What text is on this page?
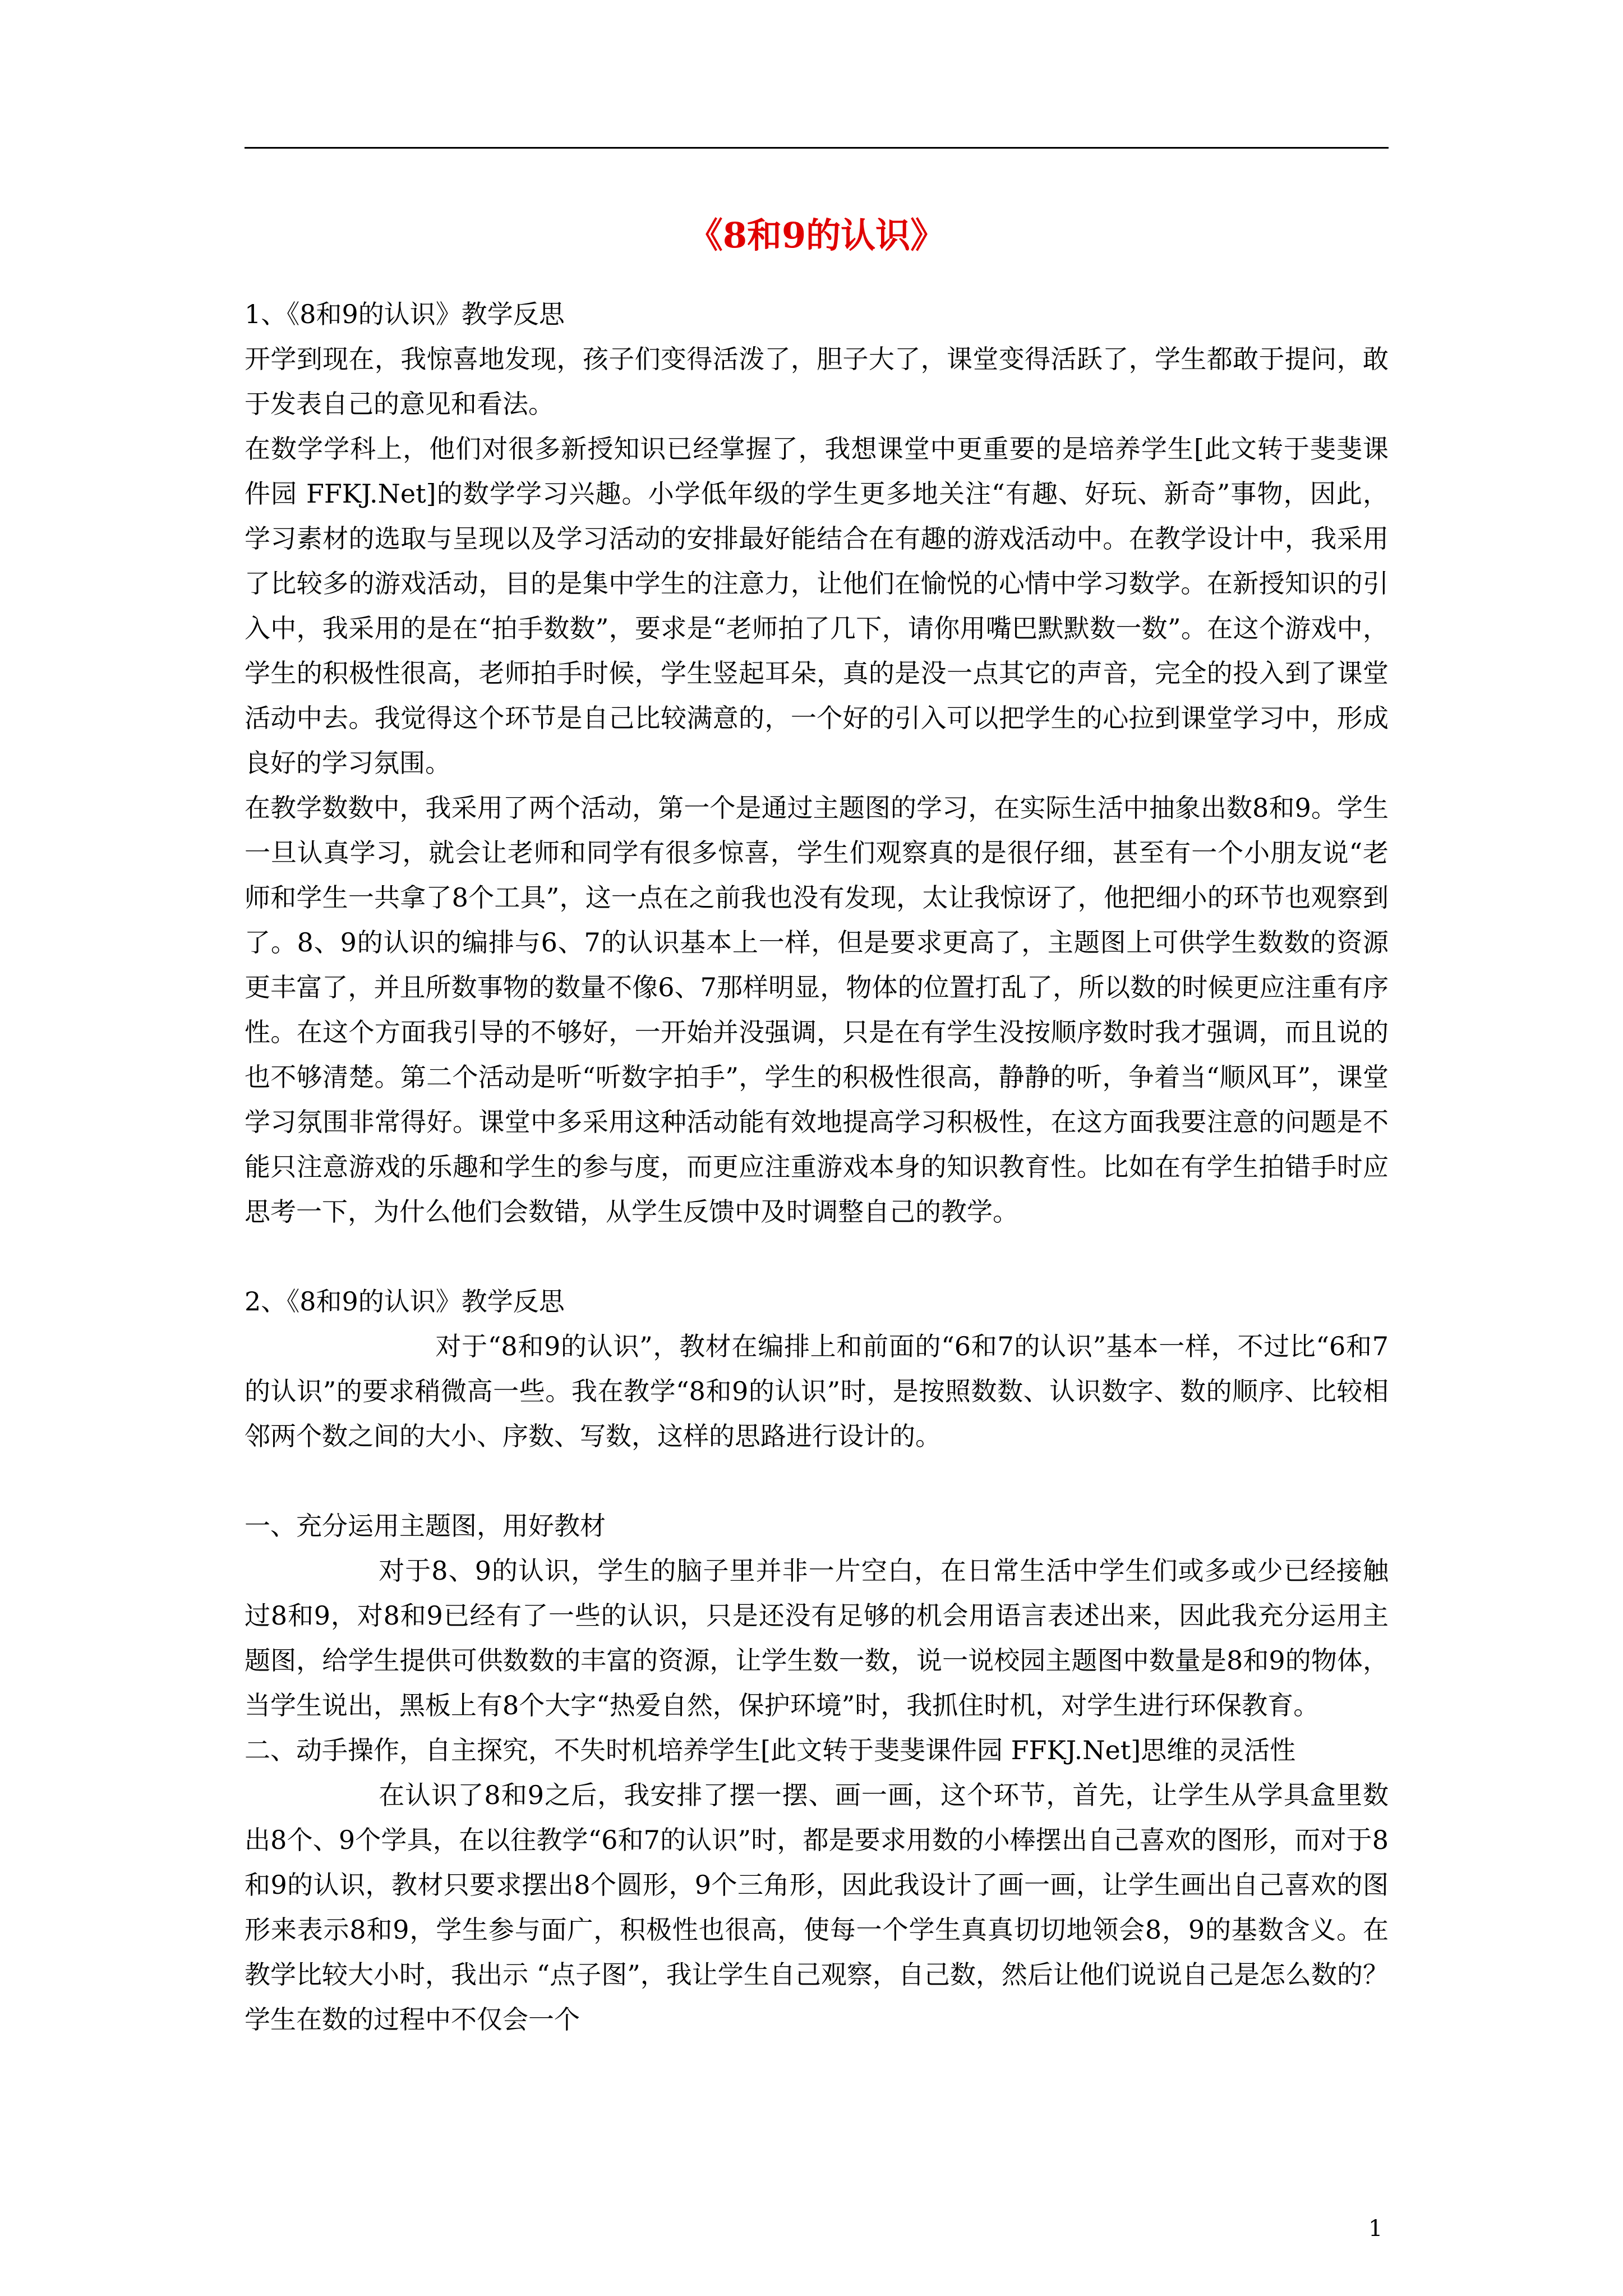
《8和9的认识》

1、《8和9的认识》教学反思

开学到现在，我惊喜地发现，孩子们变得活泼了，胆子大了，课堂变得活跃了，学生都敢于提问，敢于发表自己的意见和看法。

在数学学科上，他们对很多新授知识已经掌握了，我想课堂中更重要的是培养学生[此文转于斐斐课件园 FFKJ.Net]的数学学习兴趣。小学低年级的学生更多地关注“有趣、好玩、新奇”事物，因此，学习素材的选取与呈现以及学习活动的安排最好能结合在有趣的游戏活动中。在教学设计中，我采用了比较多的游戏活动，目的是集中学生的注意力，让他们在愉悦的心情中学习数学。在新授知识的引入中，我采用的是在“拍手数数”，要求是“老师拍了几下，请你用嘴巴默默数一数”。在这个游戏中，学生的积极性很高，老师拍手时候，学生竖起耳朵，真的是没一点其它的声音，完全的投入到了课堂活动中去。我觉得这个环节是自己比较满意的，一个好的引入可以把学生的心拉到课堂学习中，形成良好的学习氛围。

在教学数数中，我采用了两个活动，第一个是通过主题图的学习，在实际生活中抽象出数8和9。学生一旦认真学习，就会让老师和同学有很多惊喜，学生们观察真的是很仔细，甚至有一个小朋友说“老师和学生一共拿了8个工具”，这一点在之前我也没有发现，太让我惊讶了，他把细小的环节也观察到了。8、9的认识的编排与6、7的认识基本上一样，但是要求更高了，主题图上可供学生数数的资源更丰富了，并且所数事物的数量不像6、7那样明显，物体的位置打乱了，所以数的时候更应注重有序性。在这个方面我引导的不够好，一开始并没强调，只是在有学生没按顺序数时我才强调，而且说的也不够清楚。第二个活动是听“听数字拍手”，学生的积极性很高，静静的听，争着当“顺风耳”，课堂学习氛围非常得好。课堂中多采用这种活动能有效地提高学习积极性，在这方面我要注意的问题是不能只注意游戏的乐趣和学生的参与度，而更应注重游戏本身的知识教育性。比如在有学生拍错手时应思考一下，为什么他们会数错，从学生反馈中及时调整自己的教学。

2、《8和9的认识》教学反思

对于“8和9的认识”，教材在编排上和前面的“6和7的认识”基本一样，不过比“6和7的认识”的要求稍微高一些。我在教学“8和9的认识”时，是按照数数、认识数字、数的顺序、比较相邻两个数之间的大小、序数、写数，这样的思路进行设计的。

一、充分运用主题图，用好教材

对于8、9的认识，学生的脑子里并非一片空白，在日常生活中学生们或多或少已经接触过8和9，对8和9已经有了一些的认识，只是还没有足够的机会用语言表述出来，因此我充分运用主题图，给学生提供可供数数的丰富的资源，让学生数一数，说一说校园主题图中数量是8和9的物体，当学生说出，黑板上有8个大字“热爱自然，保护环境”时，我抓住时机，对学生进行环保教育。

二、动手操作，自主探究，不失时机培养学生[此文转于斐斐课件园 FFKJ.Net]思维的灵活性

在认识了8和9之后，我安排了摆一摆、画一画，这个环节，首先，让学生从学具盒里数出8个、9个学具，在以往教学“6和7的认识”时，都是要求用数的小棒摆出自己喜欢的图形，而对于8和9的认识，教材只要求摆出8个圆形，9个三角形，因此我设计了画一画，让学生画出自己喜欢的图形来表示8和9，学生参与面广，积极性也很高，使每一个学生真真切切地领会8，9的基数含义。在教学比较大小时，我出示 “点子图”，我让学生自己观察，自己数，然后让他们说说自己是怎么数的？学生在数的过程中不仅会一个

1
